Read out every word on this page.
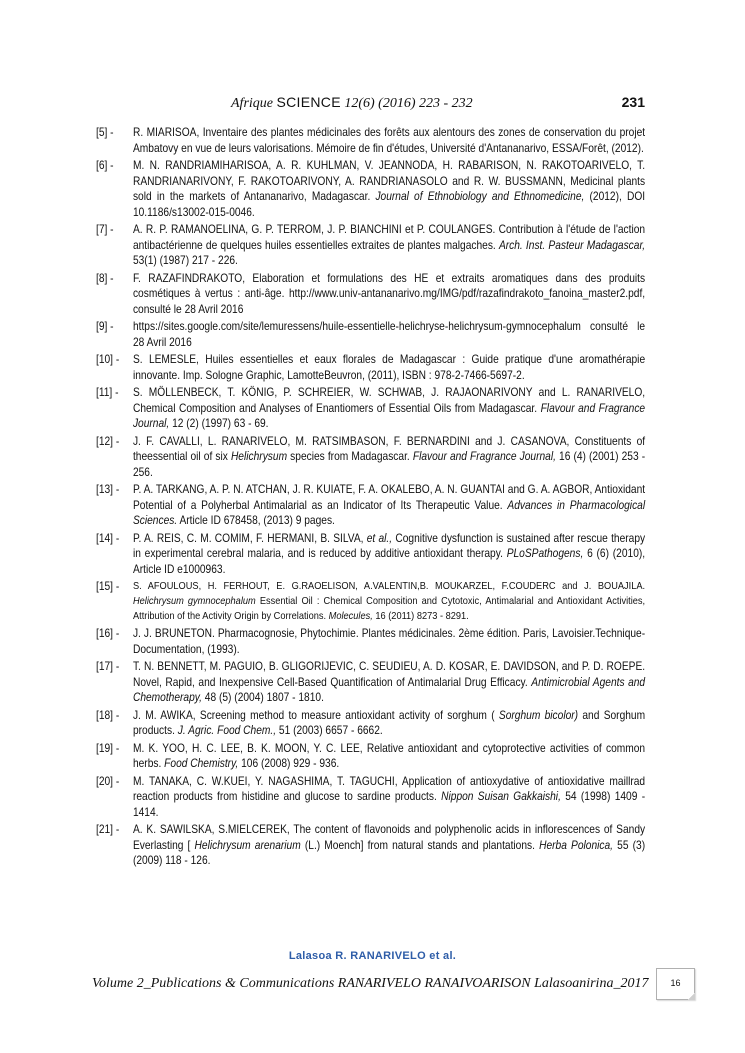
Afrique SCIENCE 12(6) (2016) 223 - 232	231
[5] -	R. MIARISOA, Inventaire des plantes médicinales des forêts aux alentours des zones de conservation du projet Ambatovy en vue de leurs valorisations. Mémoire de fin d'études, Université d'Antananarivo, ESSA/Forêt, (2012).
[6] -	M. N. RANDRIAMIHARISOA, A. R. KUHLMAN, V. JEANNODA, H. RABARISON, N. RAKOTOARIVELO, T. RANDRIANARIVONY, F. RAKOTOARIVONY, A. RANDRIANASOLO and R. W. BUSSMANN, Medicinal plants sold in the markets of Antananarivo, Madagascar. Journal of Ethnobiology and Ethnomedicine, (2012), DOI 10.1186/s13002-015-0046.
[7] -	A. R. P. RAMANOELINA, G. P. TERROM, J. P. BIANCHINI et P. COULANGES. Contribution à l'étude de l'action antibactérienne de quelques huiles essentielles extraites de plantes malgaches. Arch. Inst. Pasteur Madagascar, 53(1) (1987) 217 - 226.
[8] -	F. RAZAFINDRAKOTO, Elaboration et formulations des HE et extraits aromatiques dans des produits cosmétiques à vertus : anti-âge. http://www.univ-antananarivo.mg/IMG/pdf/razafindrakoto_fanoina_master2.pdf, consulté le 28 Avril 2016
[9] -	https://sites.google.com/site/lemuressens/huile-essentielle-helichryse-helichrysum-gymnocephalum consulté le 28 Avril 2016
[10] -	S. LEMESLE, Huiles essentielles et eaux florales de Madagascar : Guide pratique d'une aromathérapie innovante. Imp. Sologne Graphic, LamotteBeuvron, (2011), ISBN : 978-2-7466-5697-2.
[11] -	S. MÖLLENBECK, T. KÖNIG, P. SCHREIER, W. SCHWAB, J. RAJAONARIVONY and L. RANARIVELO, Chemical Composition and Analyses of Enantiomers of Essential Oils from Madagascar. Flavour and Fragrance Journal, 12 (2) (1997) 63 - 69.
[12] -	J. F. CAVALLI, L. RANARIVELO, M. RATSIMBASON, F. BERNARDINI and J. CASANOVA, Constituents of theessential oil of six Helichrysum species from Madagascar. Flavour and Fragrance Journal, 16 (4) (2001) 253 - 256.
[13] -	P. A. TARKANG, A. P. N. ATCHAN, J. R. KUIATE, F. A. OKALEBO, A. N. GUANTAI and G. A. AGBOR, Antioxidant Potential of a Polyherbal Antimalarial as an Indicator of Its Therapeutic Value. Advances in Pharmacological Sciences. Article ID 678458, (2013) 9 pages.
[14] -	P. A. REIS, C. M. COMIM, F. HERMANI, B. SILVA, et al., Cognitive dysfunction is sustained after rescue therapy in experimental cerebral malaria, and is reduced by additive antioxidant therapy. PLoSPathogens, 6 (6) (2010), Article ID e1000963.
[15] -	S. AFOULOUS, H. FERHOUT, E. G.RAOELISON, A.VALENTIN,B. MOUKARZEL, F.COUDERC and J. BOUAJILA. Helichrysum gymnocephalum Essential Oil : Chemical Composition and Cytotoxic, Antimalarial and Antioxidant Activities, Attribution of the Activity Origin by Correlations. Molecules, 16 (2011) 8273 - 8291.
[16] -	J. J. BRUNETON. Pharmacognosie, Phytochimie. Plantes médicinales. 2ème édition. Paris, Lavoisier.Technique-Documentation, (1993).
[17] -	T. N. BENNETT, M. PAGUIO, B. GLIGORIJEVIC, C. SEUDIEU, A. D. KOSAR, E. DAVIDSON, and P. D. ROEPE. Novel, Rapid, and Inexpensive Cell-Based Quantification of Antimalarial Drug Efficacy. Antimicrobial Agents and Chemotherapy, 48 (5) (2004) 1807 - 1810.
[18] -	J. M. AWIKA, Screening method to measure antioxidant activity of sorghum ( Sorghum bicolor) and Sorghum products. J. Agric. Food Chem., 51 (2003) 6657 - 6662.
[19] -	M. K. YOO, H. C. LEE, B. K. MOON, Y. C. LEE, Relative antioxidant and cytoprotective activities of common herbs. Food Chemistry, 106 (2008) 929 - 936.
[20] -	M. TANAKA, C. W.KUEI, Y. NAGASHIMA, T. TAGUCHI, Application of antioxydative of antioxidative maillrad reaction products from histidine and glucose to sardine products. Nippon Suisan Gakkaishi, 54 (1998) 1409 - 1414.
[21] -	A. K. SAWILSKA, S.MIELCEREK, The content of flavonoids and polyphenolic acids in inflorescences of Sandy Everlasting [ Helichrysum arenarium (L.) Moench] from natural stands and plantations. Herba Polonica, 55 (3) (2009) 118 - 126.
Lalasoa R. RANARIVELO et al.
Volume 2_Publications & Communications RANARIVELO RANAIVOARISON Lalasoanirina_2017	16
